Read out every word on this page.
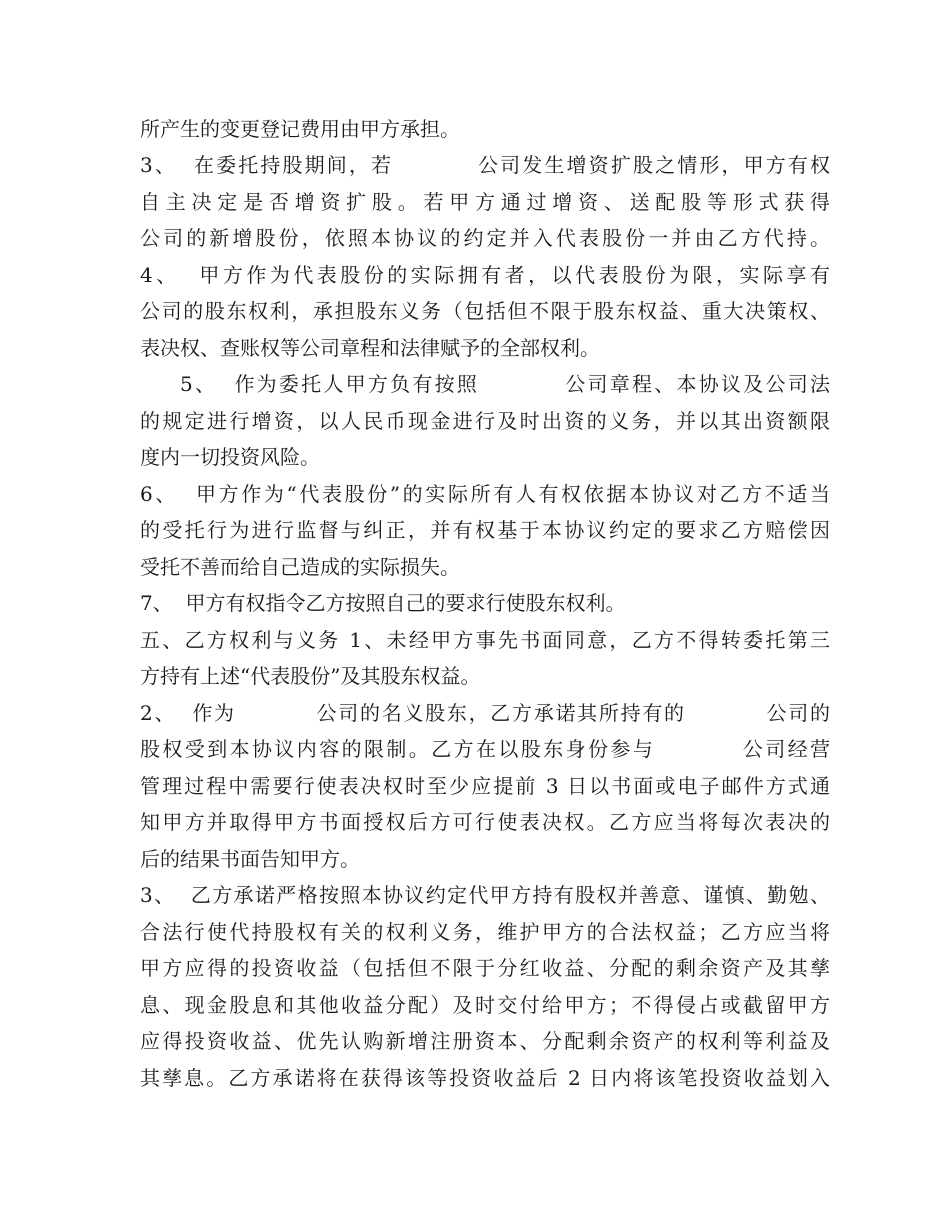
所产生的变更登记费用由甲方承担。
3、  在委托持股期间，若          公司发生增资扩股之情形，甲方有权
自主决定是否增资扩股。若甲方通过增资、送配股等形式获得
公司的新增股份，依照本协议的约定并入代表股份一并由乙方代持。
4、  甲方作为代表股份的实际拥有者，以代表股份为限，实际享有
公司的股东权利，承担股东义务（包括但不限于股东权益、重大决策权、
表决权、查账权等公司章程和法律赋予的全部权利。
5、  作为委托人甲方负有按照          公司章程、本协议及公司法
的规定进行增资，以人民币现金进行及时出资的义务，并以其出资额限
度内一切投资风险。
6、  甲方作为“代表股份”的实际所有人有权依据本协议对乙方不适当
的受托行为进行监督与纠正，并有权基于本协议约定的要求乙方赔偿因
受托不善而给自己造成的实际损失。
7、  甲方有权指令乙方按照自己的要求行使股东权利。
五、乙方权利与义务 1、未经甲方事先书面同意，乙方不得转委托第三
方持有上述“代表股份”及其股东权益。
2、  作为          公司的名义股东，乙方承诺其所持有的          公司的
股权受到本协议内容的限制。乙方在以股东身份参与          公司经营
管理过程中需要行使表决权时至少应提前 3 日以书面或电子邮件方式通
知甲方并取得甲方书面授权后方可行使表决权。乙方应当将每次表决的
后的结果书面告知甲方。
3、  乙方承诺严格按照本协议约定代甲方持有股权并善意、谨慎、勤勉、
合法行使代持股权有关的权利义务，维护甲方的合法权益；乙方应当将
甲方应得的投资收益（包括但不限于分红收益、分配的剩余资产及其孳
息、现金股息和其他收益分配）及时交付给甲方；不得侵占或截留甲方
应得投资收益、优先认购新增注册资本、分配剩余资产的权利等利益及
其孳息。乙方承诺将在获得该等投资收益后 2 日内将该笔投资收益划入
